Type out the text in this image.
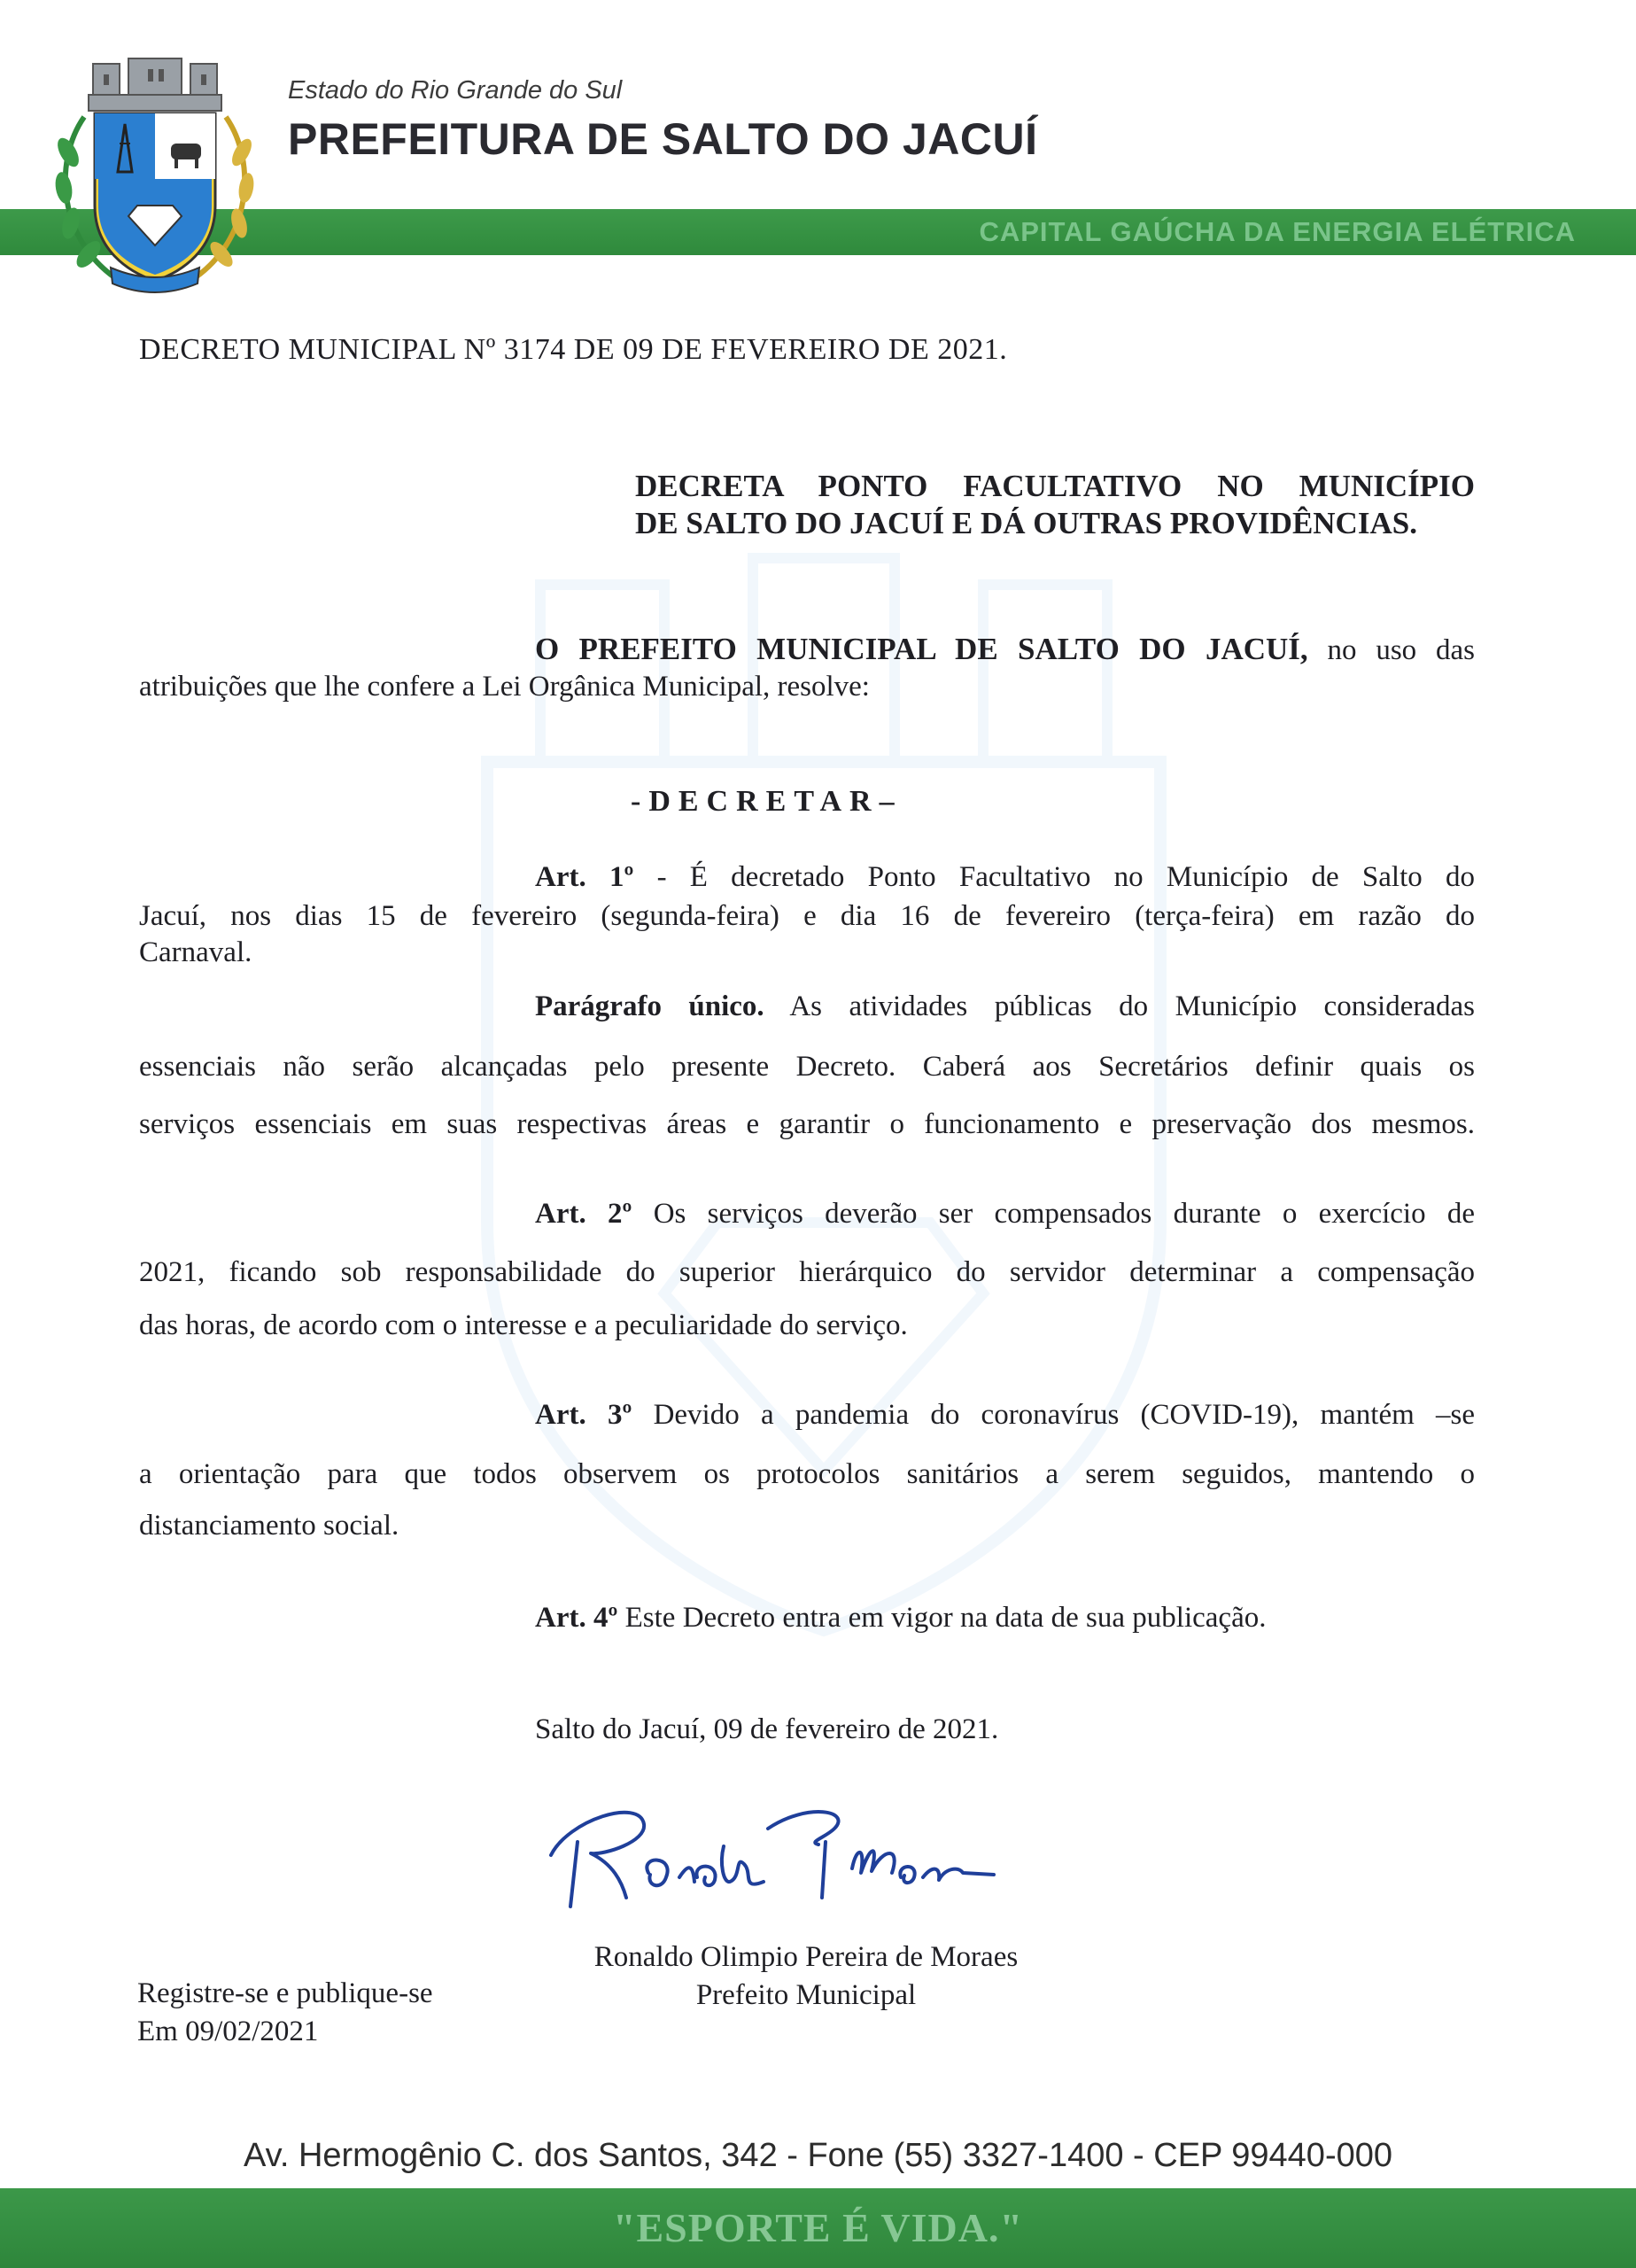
CAPITAL GAÚCHA DA ENERGIA ELÉTRICA
Estado do Rio Grande do Sul
PREFEITURA DE SALTO DO JACUÍ
DECRETO MUNICIPAL Nº 3174 DE 09 DE FEVEREIRO DE 2021.
DECRETA PONTO FACULTATIVO NO MUNICÍPIO
DE SALTO DO JACUÍ E DÁ OUTRAS PROVIDÊNCIAS.
O PREFEITO MUNICIPAL DE SALTO DO JACUÍ, no uso das
atribuições que lhe confere a Lei Orgânica Municipal, resolve:
-DECRETAR–
Art. 1º - É decretado Ponto Facultativo no Município de Salto do
Jacuí, nos dias 15 de fevereiro (segunda-feira) e dia 16 de fevereiro (terça-feira) em razão do
Carnaval.
Parágrafo único. As atividades públicas do Município consideradas
essenciais não serão alcançadas pelo presente Decreto. Caberá aos Secretários definir quais os
serviços essenciais em suas respectivas áreas e garantir o funcionamento e preservação dos mesmos.
Art. 2º Os serviços deverão ser compensados durante o exercício de
2021, ficando sob responsabilidade do superior hierárquico do servidor determinar a compensação
das horas, de acordo com o interesse e a peculiaridade do serviço.
Art. 3º Devido a pandemia do coronavírus (COVID-19), mantém –se
a orientação para que todos observem os protocolos sanitários a serem seguidos, mantendo o
distanciamento social.
Art. 4º Este Decreto entra em vigor na data de sua publicação.
Salto do Jacuí, 09 de fevereiro de 2021.
Ronaldo Olimpio Pereira de Moraes
Prefeito Municipal
Registre-se e publique-se
Em 09/02/2021
Av. Hermogênio C. dos Santos, 342 - Fone (55) 3327-1400 - CEP 99440-000
"ESPORTE É VIDA."
